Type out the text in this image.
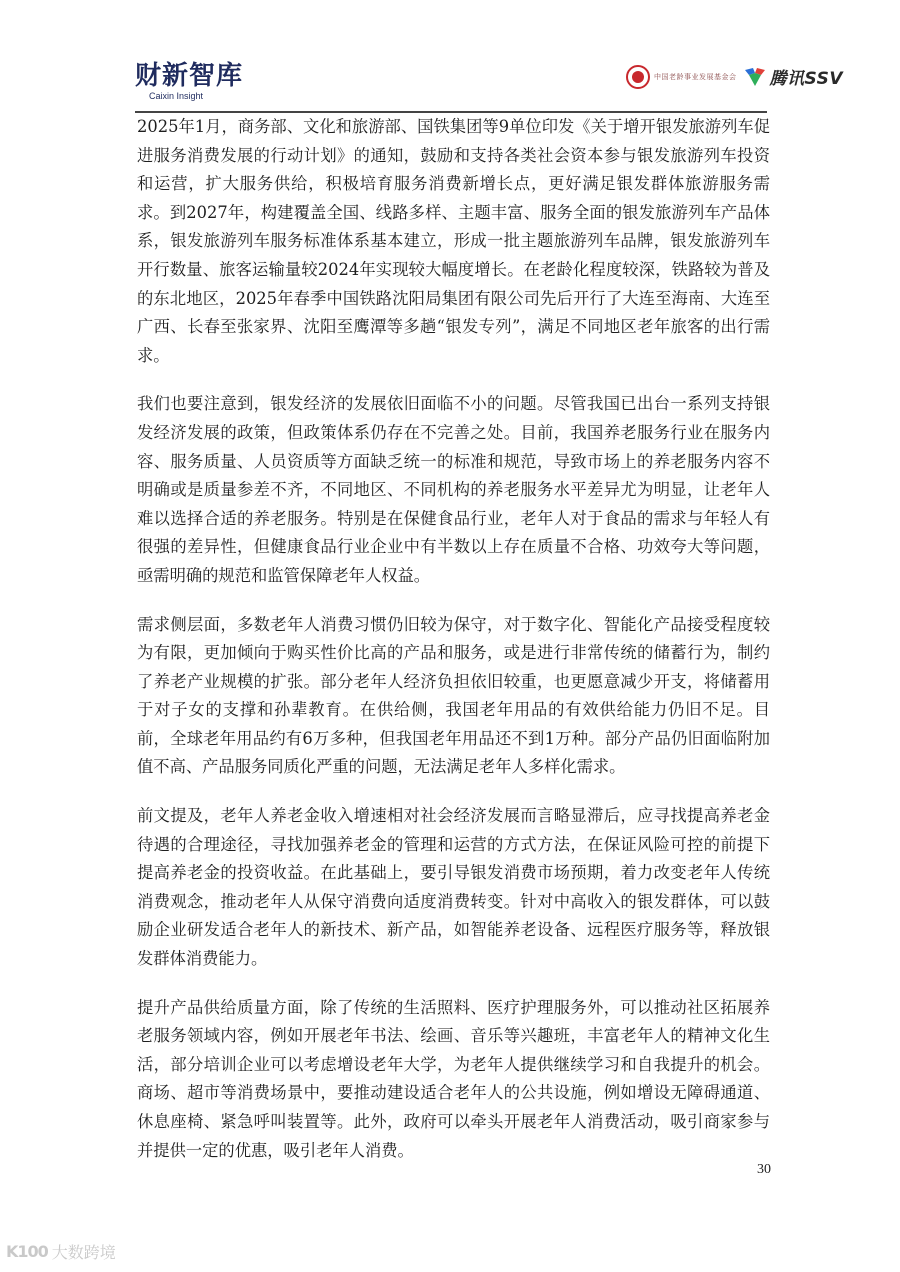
财新智库
Caixin Insight
中国老龄事业发展基金会 腾讯SSV

2025年1月，商务部、文化和旅游部、国铁集团等9单位印发《关于增开银发旅游列车促进服务消费发展的行动计划》的通知，鼓励和支持各类社会资本参与银发旅游列车投资和运营，扩大服务供给，积极培育服务消费新增长点，更好满足银发群体旅游服务需求。到2027年，构建覆盖全国、线路多样、主题丰富、服务全面的银发旅游列车产品体系，银发旅游列车服务标准体系基本建立，形成一批主题旅游列车品牌，银发旅游列车开行数量、旅客运输量较2024年实现较大幅度增长。在老龄化程度较深，铁路较为普及的东北地区，2025年春季中国铁路沈阳局集团有限公司先后开行了大连至海南、大连至广西、长春至张家界、沈阳至鹰潭等多趟“银发专列”，满足不同地区老年旅客的出行需求。

我们也要注意到，银发经济的发展依旧面临不小的问题。尽管我国已出台一系列支持银发经济发展的政策，但政策体系仍存在不完善之处。目前，我国养老服务行业在服务内容、服务质量、人员资质等方面缺乏统一的标准和规范，导致市场上的养老服务内容不明确或是质量参差不齐，不同地区、不同机构的养老服务水平差异尤为明显，让老年人难以选择合适的养老服务。特别是在保健食品行业，老年人对于食品的需求与年轻人有很强的差异性，但健康食品行业企业中有半数以上存在质量不合格、功效夸大等问题，亟需明确的规范和监管保障老年人权益。

需求侧层面，多数老年人消费习惯仍旧较为保守，对于数字化、智能化产品接受程度较为有限，更加倾向于购买性价比高的产品和服务，或是进行非常传统的储蓄行为，制约了养老产业规模的扩张。部分老年人经济负担依旧较重，也更愿意减少开支，将储蓄用于对子女的支撑和孙辈教育。在供给侧，我国老年用品的有效供给能力仍旧不足。目前，全球老年用品约有6万多种，但我国老年用品还不到1万种。部分产品仍旧面临附加值不高、产品服务同质化严重的问题，无法满足老年人多样化需求。

前文提及，老年人养老金收入增速相对社会经济发展而言略显滞后，应寻找提高养老金待遇的合理途径，寻找加强养老金的管理和运营的方式方法，在保证风险可控的前提下提高养老金的投资收益。在此基础上，要引导银发消费市场预期，着力改变老年人传统消费观念，推动老年人从保守消费向适度消费转变。针对中高收入的银发群体，可以鼓励企业研发适合老年人的新技术、新产品，如智能养老设备、远程医疗服务等，释放银发群体消费能力。

提升产品供给质量方面，除了传统的生活照料、医疗护理服务外，可以推动社区拓展养老服务领域内容，例如开展老年书法、绘画、音乐等兴趣班，丰富老年人的精神文化生活，部分培训企业可以考虑增设老年大学，为老年人提供继续学习和自我提升的机会。商场、超市等消费场景中，要推动建设适合老年人的公共设施，例如增设无障碍通道、休息座椅、紧急呼叫装置等。此外，政府可以牵头开展老年人消费活动，吸引商家参与并提供一定的优惠，吸引老年人消费。

30
K100 大数跨境
